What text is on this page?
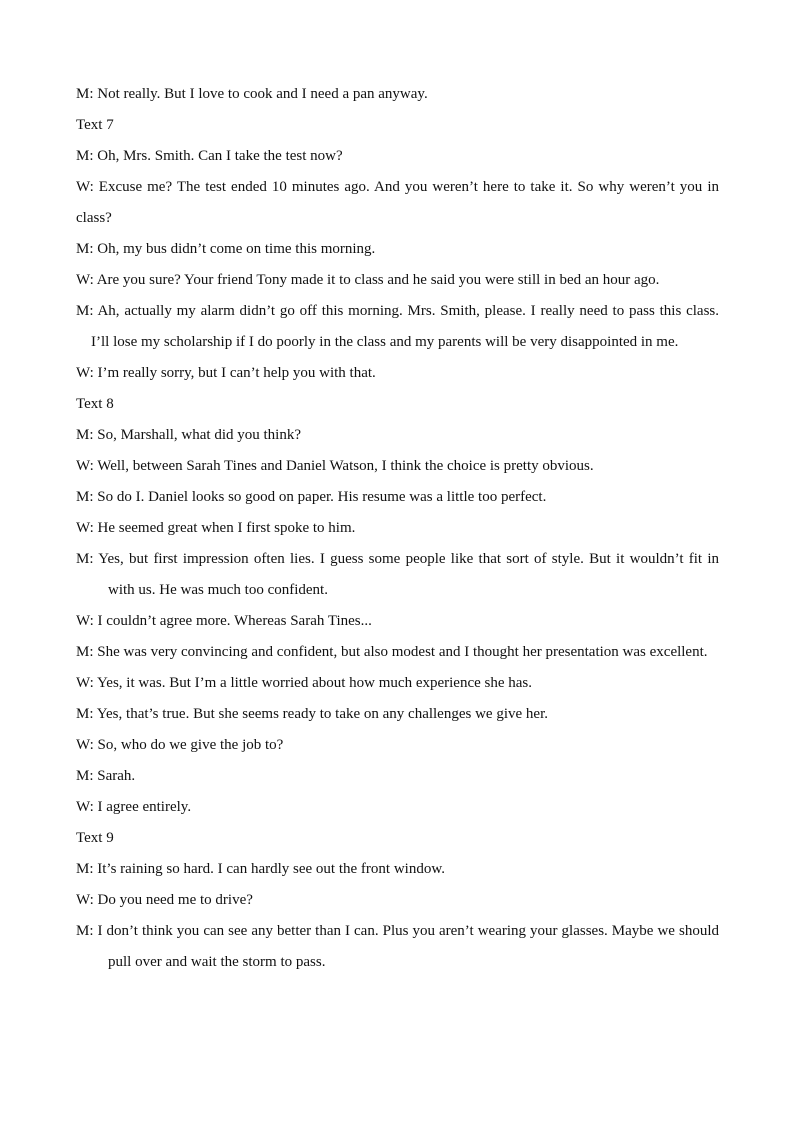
M: Not really. But I love to cook and I need a pan anyway.

Text 7

M: Oh, Mrs. Smith. Can I take the test now?

W: Excuse me? The test ended 10 minutes ago. And you weren’t here to take it. So why weren’t you in class?

M: Oh, my bus didn’t come on time this morning.

W: Are you sure? Your friend Tony made it to class and he said you were still in bed an hour ago.

M: Ah, actually my alarm didn’t go off this morning. Mrs. Smith, please. I really need to pass this class. I’ll lose my scholarship if I do poorly in the class and my parents will be very disappointed in me.

W: I’m really sorry, but I can’t help you with that.

Text 8

M: So, Marshall, what did you think?

W: Well, between Sarah Tines and Daniel Watson, I think the choice is pretty obvious.

M: So do I. Daniel looks so good on paper. His resume was a little too perfect.

W: He seemed great when I first spoke to him.

M: Yes, but first impression often lies. I guess some people like that sort of style. But it wouldn’t fit in with us. He was much too confident.

W: I couldn’t agree more. Whereas Sarah Tines...

M: She was very convincing and confident, but also modest and I thought her presentation was excellent.

W: Yes, it was. But I’m a little worried about how much experience she has.

M: Yes, that’s true. But she seems ready to take on any challenges we give her.

W: So, who do we give the job to?

M: Sarah.

W: I agree entirely.

Text 9

M: It’s raining so hard. I can hardly see out the front window.

W: Do you need me to drive?

M: I don’t think you can see any better than I can. Plus you aren’t wearing your glasses. Maybe we should pull over and wait the storm to pass.
